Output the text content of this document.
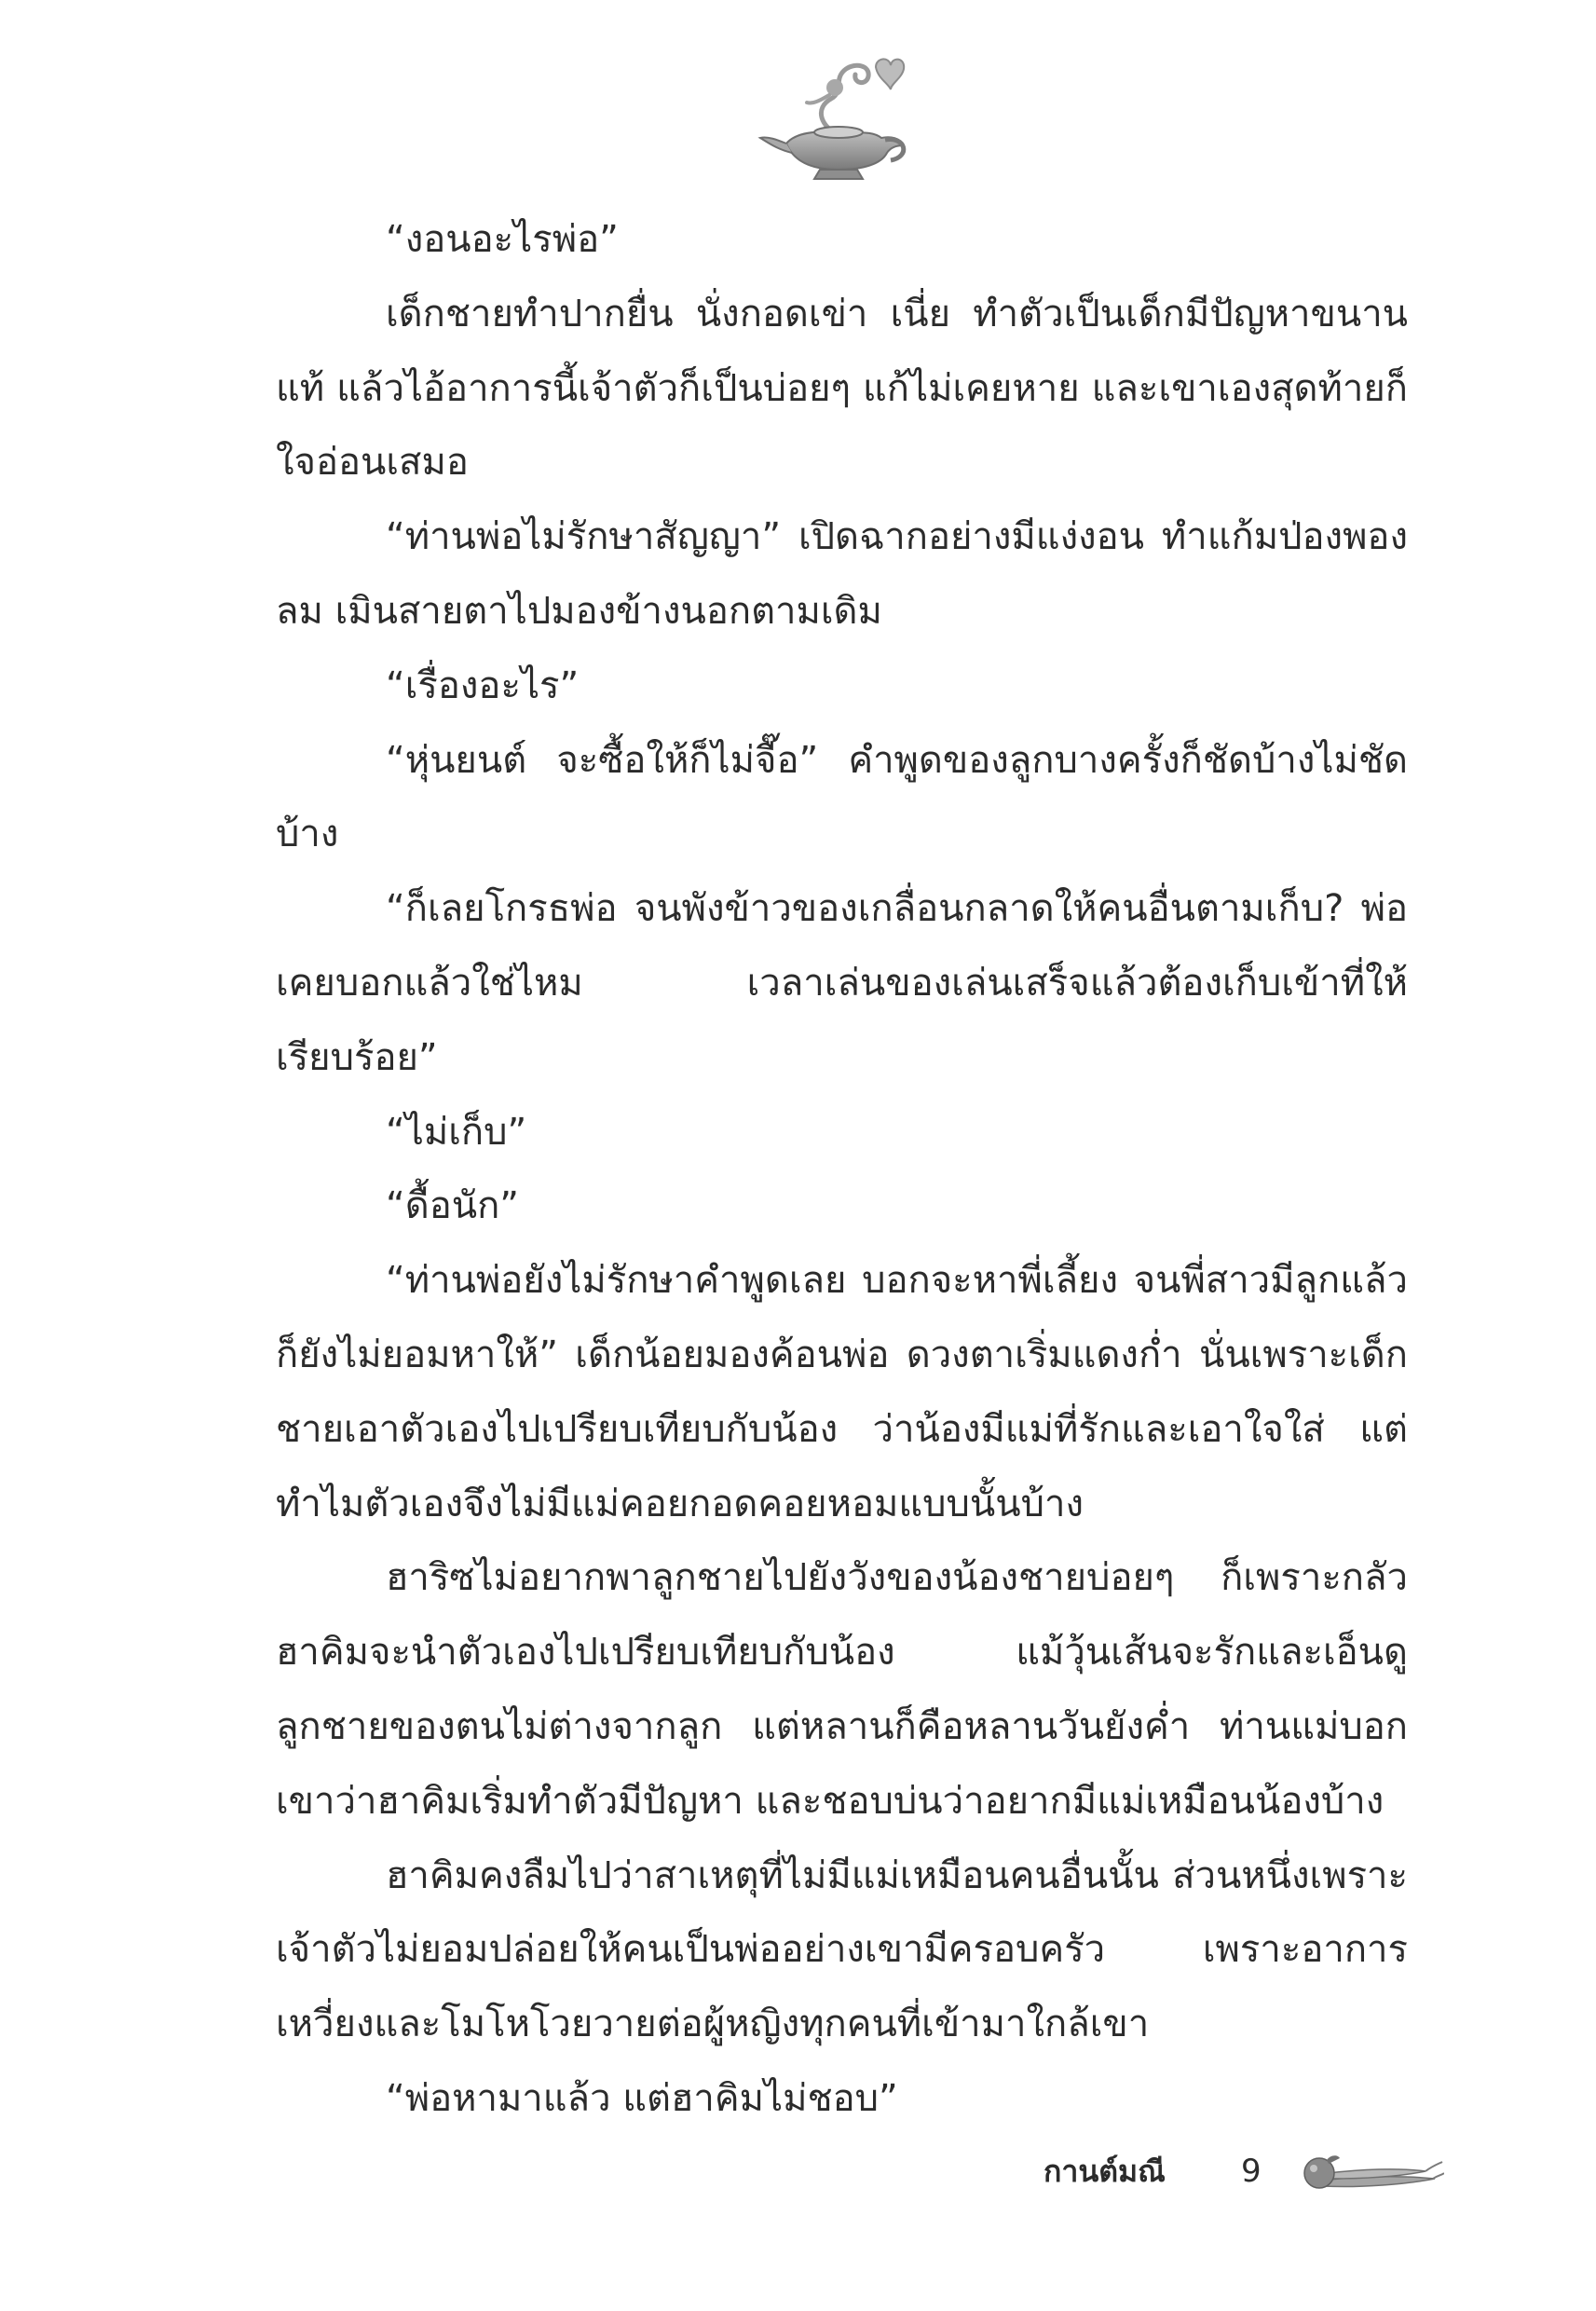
“งอนอะไรพ่อ”

เด็กชายทำปากยื่น นั่งกอดเข่า เนี่ย ทำตัวเป็นเด็กมีปัญหาขนานแท้ แล้วไอ้อาการนี้เจ้าตัวก็เป็นบ่อยๆ แก้ไม่เคยหาย และเขาเองสุดท้ายก็ใจอ่อนเสมอ

“ท่านพ่อไม่รักษาสัญญา” เปิดฉากอย่างมีแง่งอน ทำแก้มป่องพองลม เมินสายตาไปมองข้างนอกตามเดิม

“เรื่องอะไร”

“หุ่นยนต์ จะซื้อให้ก็ไม่จื๊อ” คำพูดของลูกบางครั้งก็ชัดบ้างไม่ชัดบ้าง

“ก็เลยโกรธพ่อ จนพังข้าวของเกลื่อนกลาดให้คนอื่นตามเก็บ? พ่อเคยบอกแล้วใช่ไหม เวลาเล่นของเล่นเสร็จแล้วต้องเก็บเข้าที่ให้เรียบร้อย”

“ไม่เก็บ”

“ดื้อนัก”

“ท่านพ่อยังไม่รักษาคำพูดเลย บอกจะหาพี่เลี้ยง จนพี่สาวมีลูกแล้วก็ยังไม่ยอมหาให้” เด็กน้อยมองค้อนพ่อ ดวงตาเริ่มแดงก่ำ นั่นเพราะเด็กชายเอาตัวเองไปเปรียบเทียบกับน้อง ว่าน้องมีแม่ที่รักและเอาใจใส่ แต่ทำไมตัวเองจึงไม่มีแม่คอยกอดคอยหอมแบบนั้นบ้าง

ฮาริซไม่อยากพาลูกชายไปยังวังของน้องชายบ่อยๆ ก็เพราะกลัวฮาคิมจะนำตัวเองไปเปรียบเทียบกับน้อง แม้วุ้นเส้นจะรักและเอ็นดูลูกชายของตนไม่ต่างจากลูก แต่หลานก็คือหลานวันยังค่ำ ท่านแม่บอกเขาว่าฮาคิมเริ่มทำตัวมีปัญหา และชอบบ่นว่าอยากมีแม่เหมือนน้องบ้าง

ฮาคิมคงลืมไปว่าสาเหตุที่ไม่มีแม่เหมือนคนอื่นนั้น ส่วนหนึ่งเพราะเจ้าตัวไม่ยอมปล่อยให้คนเป็นพ่ออย่างเขามีครอบครัว เพราะอาการเหวี่ยงและโมโหโวยวายต่อผู้หญิงทุกคนที่เข้ามาใกล้เขา

“พ่อหามาแล้ว แต่ฮาคิมไม่ชอบ”

กานต์มณี 9
